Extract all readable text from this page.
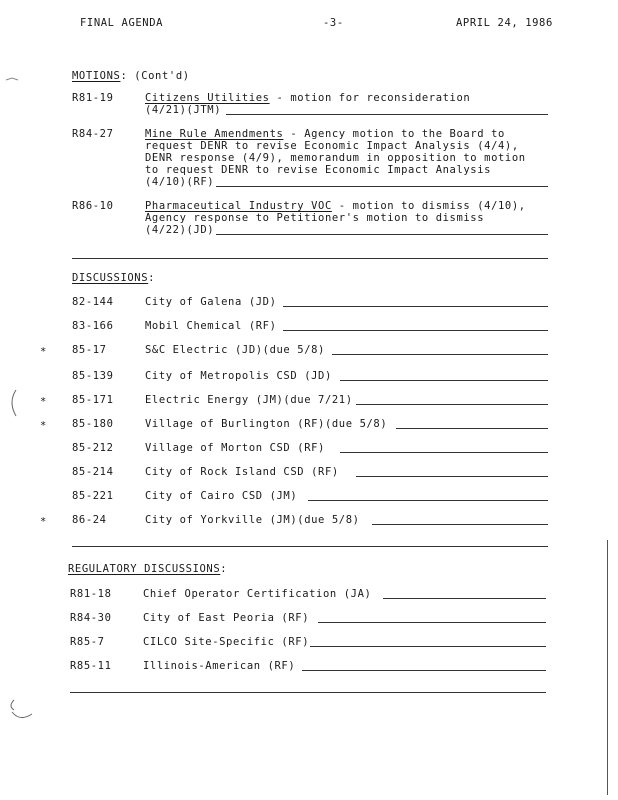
FINAL AGENDA	-3-	APRIL 24, 1986
MOTIONS: (Cont'd)
R81-19	Citizens Utilities - motion for reconsideration
(4/21)(JTM)
R84-27	Mine Rule Amendments - Agency motion to the Board to
request DENR to revise Economic Impact Analysis (4/4),
DENR response (4/9), memorandum in opposition to motion
to request DENR to revise Economic Impact Analysis
(4/10)(RF)
R86-10	Pharmaceutical Industry VOC - motion to dismiss (4/10),
Agency response to Petitioner's motion to dismiss
(4/22)(JD)
DISCUSSIONS:
82-144	City of Galena (JD)
83-166	Mobil Chemical (RF)
* 85-17	S&C Electric (JD)(due 5/8)
85-139	City of Metropolis CSD (JD)
* 85-171	Electric Energy (JM)(due 7/21)
* 85-180	Village of Burlington (RF)(due 5/8)
85-212	Village of Morton CSD (RF)
85-214	City of Rock Island CSD (RF)
85-221	City of Cairo CSD (JM)
* 86-24	City of Yorkville (JM)(due 5/8)
REGULATORY DISCUSSIONS:
R81-18	Chief Operator Certification (JA)
R84-30	City of East Peoria (RF)
R85-7	CILCO Site-Specific (RF)
R85-11	Illinois-American (RF)
